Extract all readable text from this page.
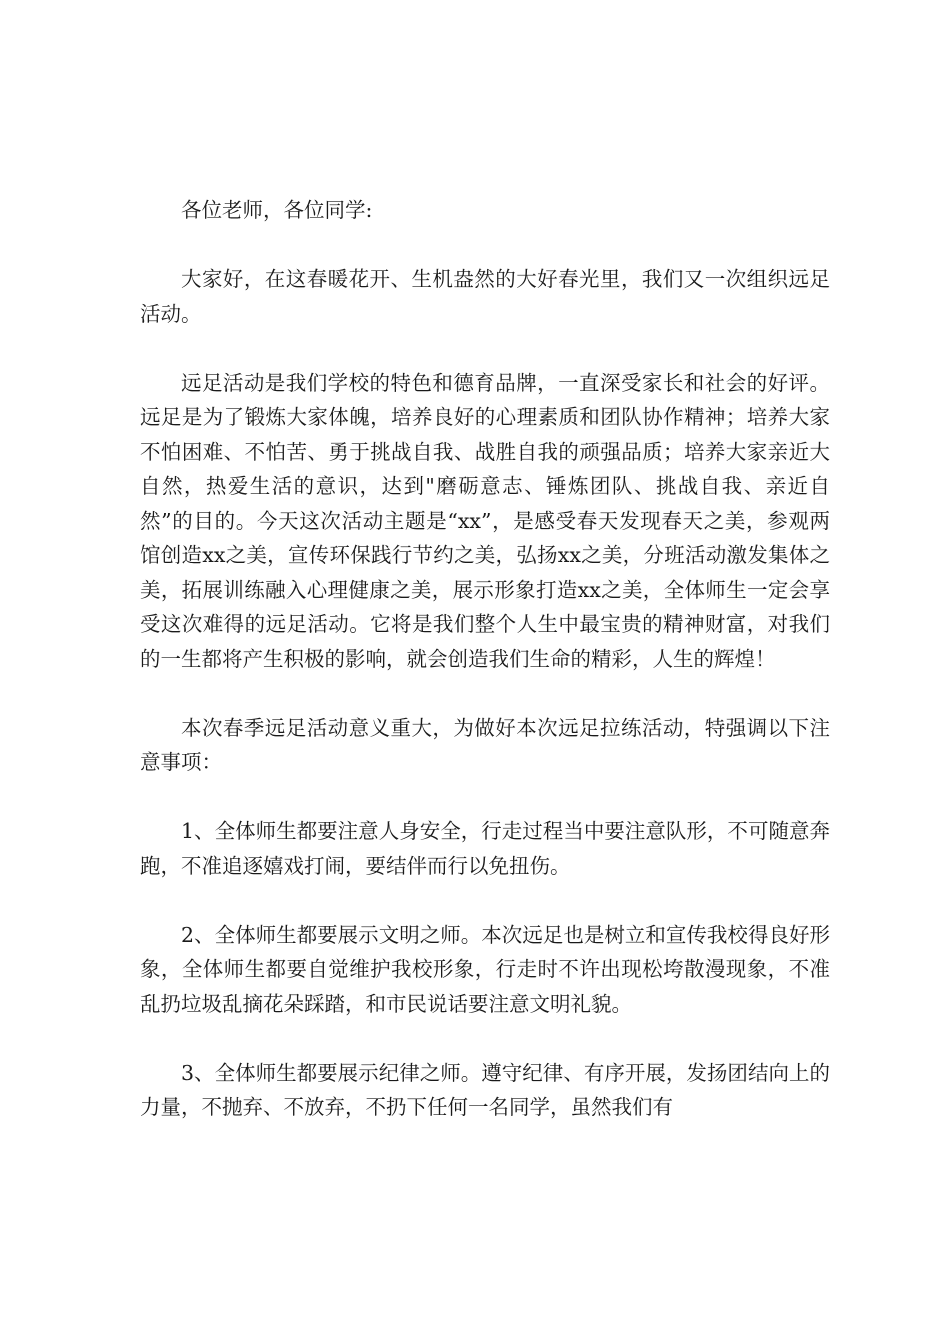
各位老师，各位同学:

大家好，在这春暖花开、生机盎然的大好春光里，我们又一次组织远足活动。

远足活动是我们学校的特色和德育品牌，一直深受家长和社会的好评。远足是为了锻炼大家体魄，培养良好的心理素质和团队协作精神；培养大家不怕困难、不怕苦、勇于挑战自我、战胜自我的顽强品质；培养大家亲近大自然，热爱生活的意识，达到"磨砺意志、锤炼团队、挑战自我、亲近自然”的目的。今天这次活动主题是“xx”，是感受春天发现春天之美，参观两馆创造xx之美，宣传环保践行节约之美，弘扬xx之美，分班活动激发集体之美，拓展训练融入心理健康之美，展示形象打造xx之美，全体师生一定会享受这次难得的远足活动。它将是我们整个人生中最宝贵的精神财富，对我们的一生都将产生积极的影响，就会创造我们生命的精彩，人生的辉煌！

本次春季远足活动意义重大，为做好本次远足拉练活动，特强调以下注意事项：

1、全体师生都要注意人身安全，行走过程当中要注意队形，不可随意奔跑，不准追逐嬉戏打闹，要结伴而行以免扭伤。

2、全体师生都要展示文明之师。本次远足也是树立和宣传我校得良好形象，全体师生都要自觉维护我校形象，行走时不许出现松垮散漫现象，不准乱扔垃圾乱摘花朵踩踏，和市民说话要注意文明礼貌。

3、全体师生都要展示纪律之师。遵守纪律、有序开展，发扬团结向上的力量，不抛弃、不放弃，不扔下任何一名同学，虽然我们有
